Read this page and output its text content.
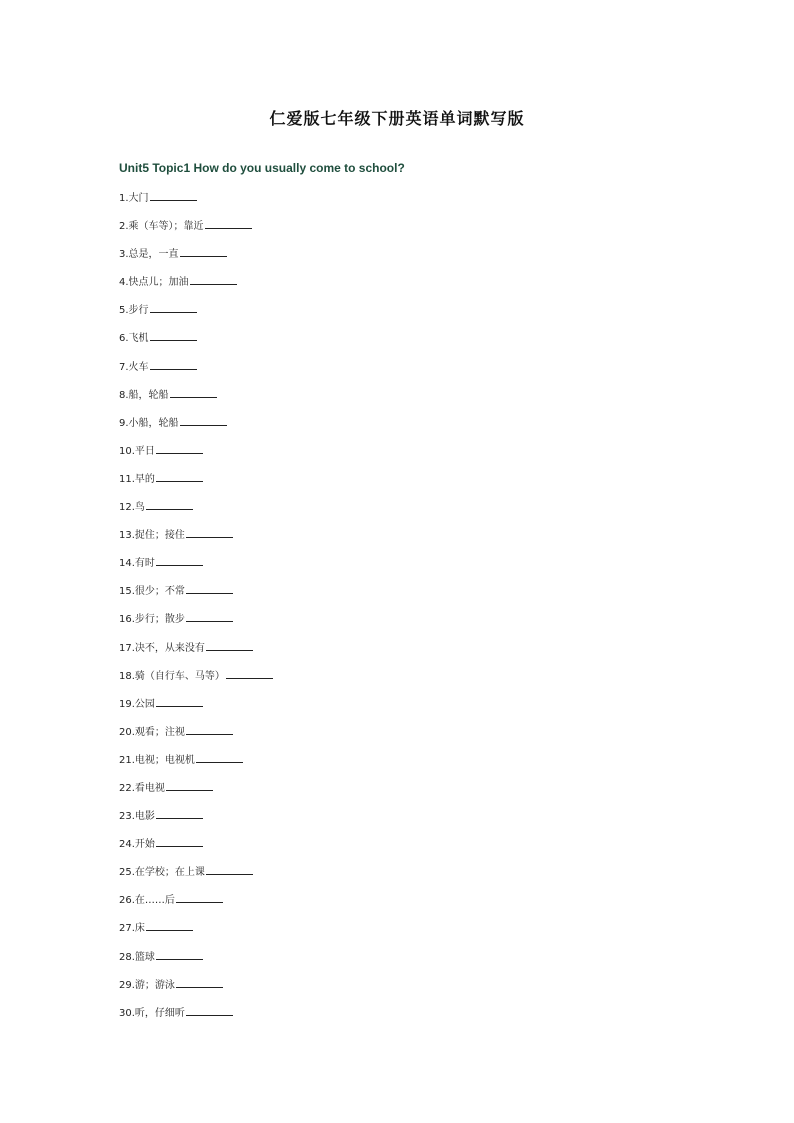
仁爱版七年级下册英语单词默写版
Unit5 Topic1 How do you usually come to school?
1.大门
2.乘（车等）；靠近
3.总是，一直
4.快点儿；加油
5.步行
6.飞机
7.火车
8.船，轮船
9.小船，轮船
10.平日
11.早的
12.鸟
13.捉住；接住
14.有时
15.很少；不常
16.步行；散步
17.决不，从来没有
18.骑（自行车、马等）
19.公园
20.观看；注视
21.电视；电视机
22.看电视
23.电影
24.开始
25.在学校；在上课
26.在……后
27.床
28.篮球
29.游；游泳
30.听，仔细听
